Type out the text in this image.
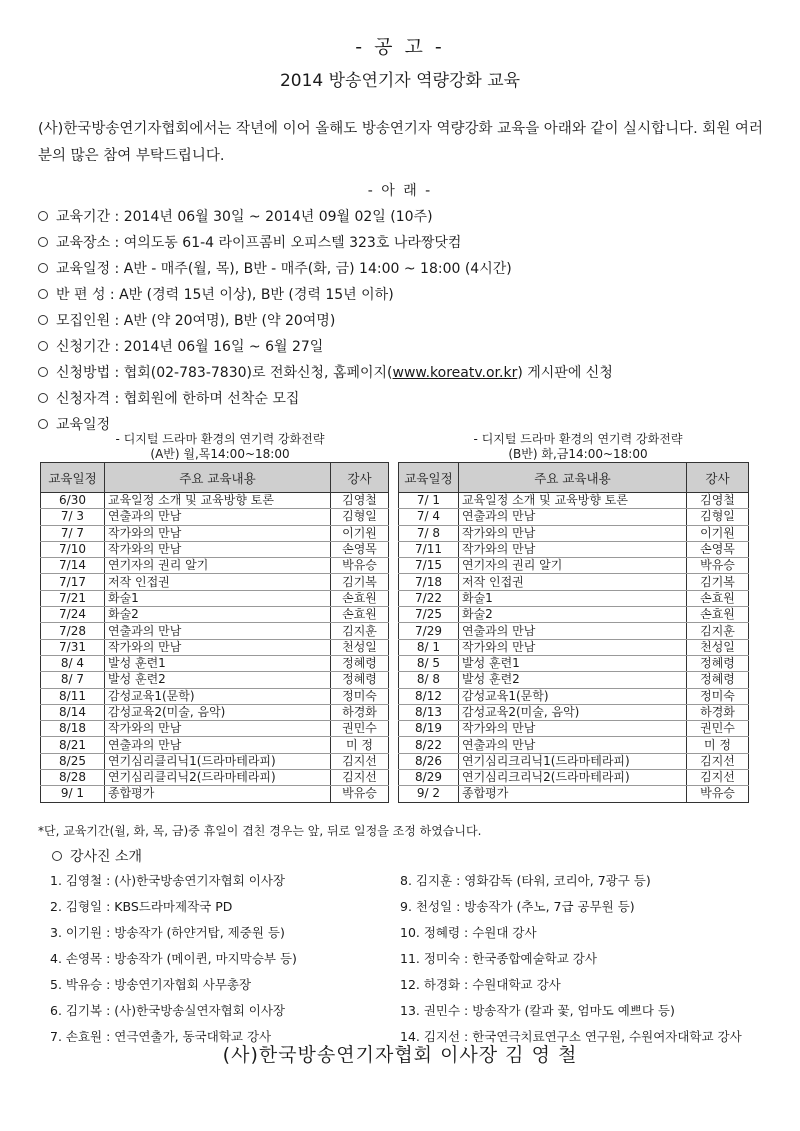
- 공 고 -
2014 방송연기자 역량강화 교육
(사)한국방송연기자협회에서는 작년에 이어 올해도 방송연기자 역량강화 교육을 아래와 같이 실시합니다. 회원 여러분의 많은 참여 부탁드립니다.
- 아 래 -
교육기간 : 2014년 06월 30일 ~ 2014년 09월 02일 (10주)
교육장소 : 여의도동 61-4 라이프콤비 오피스텔 323호 나라짱닷컴
교육일정 : A반 - 매주(월, 목), B반 - 매주(화, 금) 14:00 ~ 18:00 (4시간)
반 편 성 : A반 (경력 15년 이상), B반 (경력 15년 이하)
모집인원 : A반 (약 20여명), B반 (약 20여명)
신청기간 : 2014년 06월 16일 ~ 6월 27일
신청방법 : 협회(02-783-7830)로 전화신청, 홈페이지(www.koreatv.or.kr) 게시판에 신청
신청자격 : 협회원에 한하며 선착순 모집
교육일정
- 디지털 드라마 환경의 연기력 강화전략
(A반) 월,목14:00~18:00
- 디지털 드라마 환경의 연기력 강화전략
(B반) 화,금14:00~18:00
교육일정	주요 교육내용	강사
6/30	교육일정 소개 및 교육방향 토론	김영철
7/ 3	연출과의 만남	김형일
7/ 7	작가와의 만남	이기원
7/10	작가와의 만남	손영목
7/14	연기자의 권리 알기	박유승
7/17	저작 인접권	김기복
7/21	화술1	손효원
7/24	화술2	손효원
7/28	연출과의 만남	김지훈
7/31	작가와의 만남	천성일
8/ 4	발성 훈련1	정혜령
8/ 7	발성 훈련2	정혜령
8/11	감성교육1(문학)	정미숙
8/14	감성교육2(미술, 음악)	하경화
8/18	작가와의 만남	권민수
8/21	연출과의 만남	미 정
8/25	연기심리클리닉1(드라마테라피)	김지선
8/28	연기심리클리닉2(드라마테라피)	김지선
9/ 1	종합평가	박유승
교육일정	주요 교육내용	강사
7/ 1	교육일정 소개 및 교육방향 토론	김영철
7/ 4	연출과의 만남	김형일
7/ 8	작가와의 만남	이기원
7/11	작가와의 만남	손영목
7/15	연기자의 권리 알기	박유승
7/18	저작 인접권	김기복
7/22	화술1	손효원
7/25	화술2	손효원
7/29	연출과의 만남	김지훈
8/ 1	작가와의 만남	천성일
8/ 5	발성 훈련1	정혜령
8/ 8	발성 훈련2	정혜령
8/12	감성교육1(문학)	정미숙
8/13	감성교육2(미술, 음악)	하경화
8/19	작가와의 만남	권민수
8/22	연출과의 만남	미 정
8/26	연기심리크리닉1(드라마테라피)	김지선
8/29	연기심리크리닉2(드라마테라피)	김지선
9/ 2	종합평가	박유승
*단, 교육기간(월, 화, 목, 금)중 휴일이 겹친 경우는 앞, 뒤로 일정을 조정 하였습니다.
강사진 소개
1. 김영철 : (사)한국방송연기자협회 이사장
2. 김형일 : KBS드라마제작국 PD
3. 이기원 : 방송작가 (하얀거탑, 제중원 등)
4. 손영목 : 방송작가 (메이퀸, 마지막승부 등)
5. 박유승 : 방송연기자협회 사무총장
6. 김기복 : (사)한국방송실연자협회 이사장
7. 손효원 : 연극연출가, 동국대학교 강사
8. 김지훈 : 영화감독 (타워, 코리아, 7광구 등)
9. 천성일 : 방송작가 (추노, 7급 공무원 등)
10. 정혜령 : 수원대 강사
11. 정미숙 : 한국종합예술학교 강사
12. 하경화 : 수원대학교 강사
13. 권민수 : 방송작가 (칼과 꽃, 엄마도 예쁘다 등)
14. 김지선 : 한국연극치료연구소 연구원, 수원여자대학교 강사
(사)한국방송연기자협회 이사장 김 영 철
